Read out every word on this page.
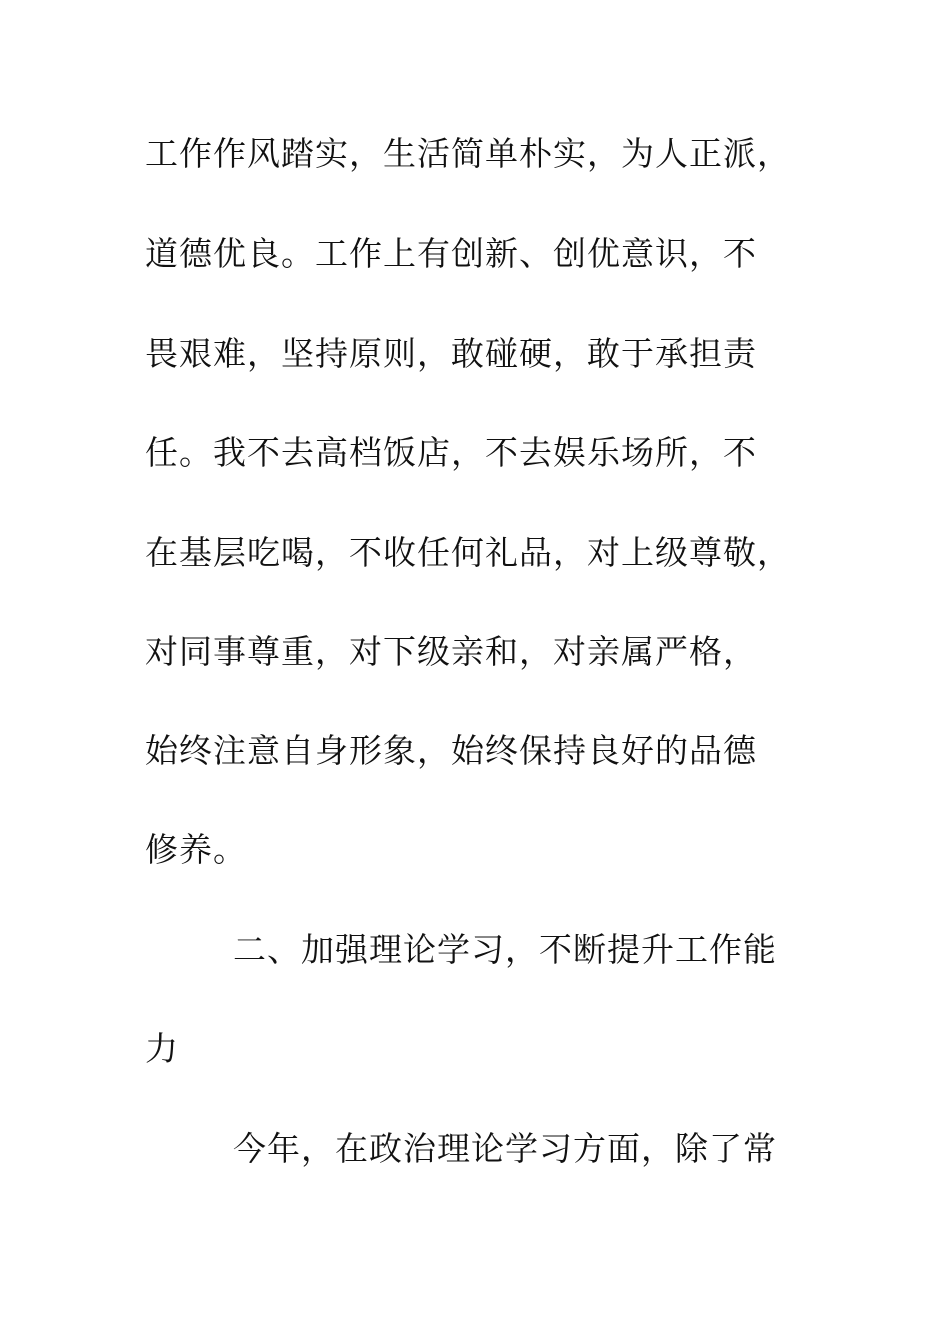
工作作风踏实，生活简单朴实，为人正派，
道德优良。工作上有创新、创优意识，不
畏艰难，坚持原则，敢碰硬，敢于承担责
任。我不去高档饭店，不去娱乐场所，不
在基层吃喝，不收任何礼品，对上级尊敬，
对同事尊重，对下级亲和，对亲属严格，
始终注意自身形象，始终保持良好的品德
修养。
二、加强理论学习，不断提升工作能
力
今年，在政治理论学习方面，除了常
